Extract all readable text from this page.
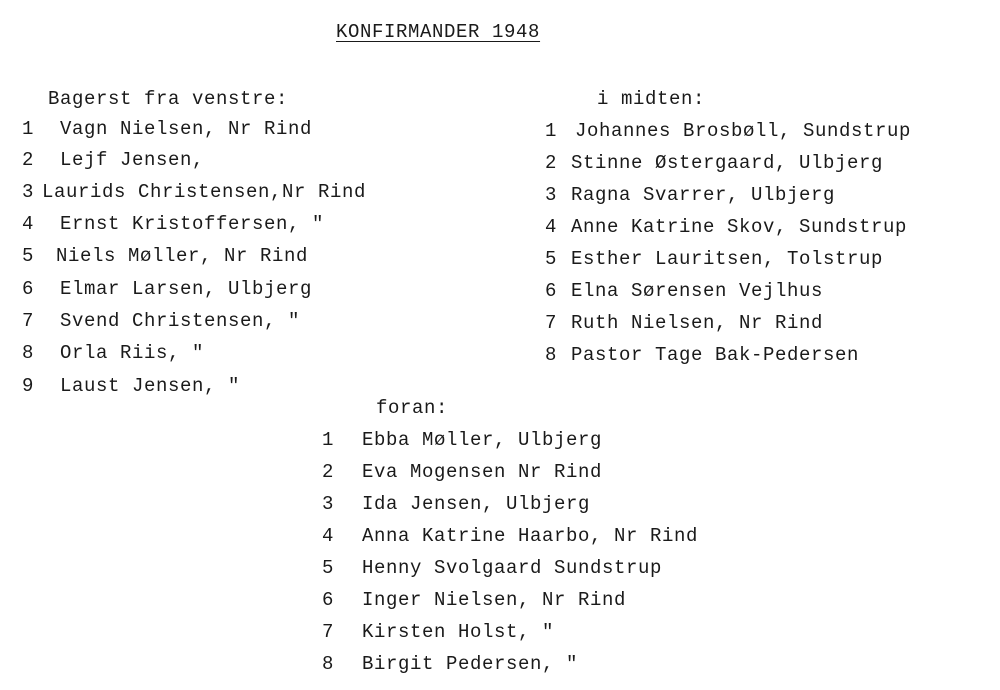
KONFIRMANDER 1948
Bagerst fra venstre:
1 Vagn Nielsen, Nr Rind
2 Lejf Jensen,
3 Laurids Christensen,Nr Rind
4 Ernst Kristoffersen, "
5 Niels Møller, Nr Rind
6 Elmar Larsen, Ulbjerg
7 Svend Christensen, "
8 Orla Riis, "
9 Laust Jensen, "
i midten:
1 Johannes Brosbøll, Sundstrup
2 Stinne Østergaard, Ulbjerg
3 Ragna Svarrer, Ulbjerg
4 Anne Katrine Skov, Sundstrup
5 Esther Lauritsen, Tolstrup
6 Elna Sørensen Vejlhus
7 Ruth Nielsen, Nr Rind
8 Pastor Tage Bak-Pedersen
foran:
1 Ebba Møller, Ulbjerg
2 Eva Mogensen Nr Rind
3 Ida Jensen, Ulbjerg
4 Anna Katrine Haarbo, Nr Rind
5 Henny Svolgaard Sundstrup
6 Inger Nielsen, Nr Rind
7 Kirsten Holst, "
8 Birgit Pedersen, "
